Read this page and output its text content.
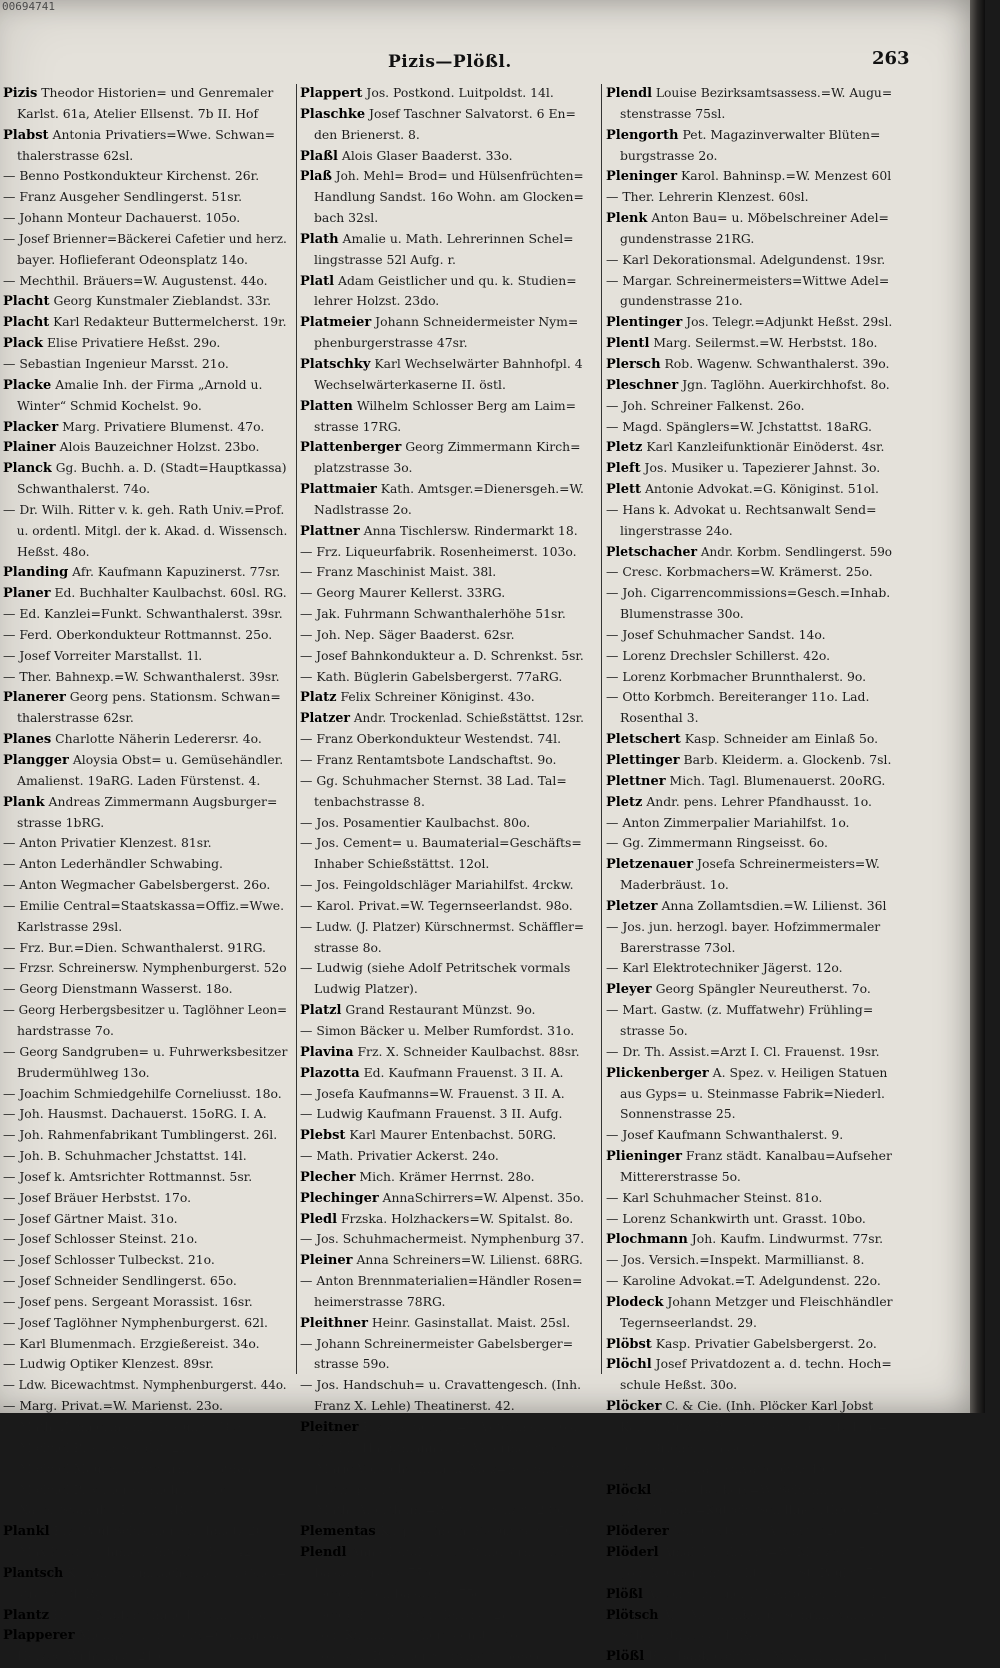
00694741
Pizis—Plößl.	263
Pizis Theodor Historien= und Genremaler
Karlst. 61a, Atelier Ellsenst. 7b II. Hof
Plabst Antonia Privatiers=Wwe. Schwan=
thalerstrasse 62sl.
— Benno Postkondukteur Kirchenst. 26r.
— Franz Ausgeher Sendlingerst. 51sr.
— Johann Monteur Dachauerst. 105o.
— Josef Brienner=Bäckerei Cafetier und herz.
bayer. Hoflieferant Odeonsplatz 14o.
— Mechthil. Bräuers=W. Augustenst. 44o.
Placht Georg Kunstmaler Zieblandst. 33r.
Placht Karl Redakteur Buttermelcherst. 19r.
Plack Elise Privatiere Heßst. 29o.
— Sebastian Ingenieur Marsst. 21o.
Placke Amalie Inh. der Firma „Arnold u.
Winter“ Schmid Kochelst. 9o.
Placker Marg. Privatiere Blumenst. 47o.
Plainer Alois Bauzeichner Holzst. 23bo.
Planck Gg. Buchh. a. D. (Stadt=Hauptkassa)
Schwanthalerst. 74o.
— Dr. Wilh. Ritter v. k. geh. Rath Univ.=Prof.
u. ordentl. Mitgl. der k. Akad. d. Wissensch.
Heßst. 48o.
Planding Afr. Kaufmann Kapuzinerst. 77sr.
Planer Ed. Buchhalter Kaulbachst. 60sl. RG.
— Ed. Kanzlei=Funkt. Schwanthalerst. 39sr.
— Ferd. Oberkondukteur Rottmannst. 25o.
— Josef Vorreiter Marstallst. 1l.
— Ther. Bahnexp.=W. Schwanthalerst. 39sr.
Planerer Georg pens. Stationsm. Schwan=
thalerstrasse 62sr.
Planes Charlotte Näherin Lederersr. 4o.
Plangger Aloysia Obst= u. Gemüsehändler.
Amalienst. 19aRG. Laden Fürstenst. 4.
Plank Andreas Zimmermann Augsburger=
strasse 1bRG.
— Anton Privatier Klenzest. 81sr.
— Anton Lederhändler Schwabing.
— Anton Wegmacher Gabelsbergerst. 26o.
— Emilie Central=Staatskassa=Offiz.=Wwe.
Karlstrasse 29sl.
— Frz. Bur.=Dien. Schwanthalerst. 91RG.
— Frzsr. Schreinersw. Nymphenburgerst. 52o
— Georg Dienstmann Wasserst. 18o.
— Georg Herbergsbesitzer u. Taglöhner Leon=
hardstrasse 7o.
— Georg Sandgruben= u. Fuhrwerksbesitzer
Brudermühlweg 13o.
— Joachim Schmiedgehilfe Corneliusst. 18o.
— Joh. Hausmst. Dachauerst. 15oRG. I. A.
— Joh. Rahmenfabrikant Tumblingerst. 26l.
— Joh. B. Schuhmacher Jchstattst. 14l.
— Josef k. Amtsrichter Rottmannst. 5sr.
— Josef Bräuer Herbstst. 17o.
— Josef Gärtner Maist. 31o.
— Josef Schlosser Steinst. 21o.
— Josef Schlosser Tulbeckst. 21o.
— Josef Schneider Sendlingerst. 65o.
— Josef pens. Sergeant Morassist. 16sr.
— Josef Taglöhner Nymphenburgerst. 62l.
— Karl Blumenmach. Erzgießereist. 34o.
— Ludwig Optiker Klenzest. 89sr.
— Ldw. Bicewachtmst. Nymphenburgerst. 44o.
— Marg. Privat.=W. Marienst. 23o.
— Math. Zimmermann Linprunst. 18o.
— Michael Bräuer Sandst. 21o.
— Michael Maurer Lingwurmst. 189RG.
— Michael Privatier Corneliusst. 16o.
— Xaver Spängler Flurst. 4RG.
Plankl Frz. Paul Schreiner Kirchplatz 20o.
— Max Kupferschmied Entenbachst. 42o.
Plantsch Kaspar Schuhmachermeister Geier=
strasse 3l. RG.
Plantz Heinr. Kupferschmied Steinst. 63l.
Plapperer Mich. k. Sicherheits=Commissär
Herzog Wilhelmst. 21o.
Plappert Jos. Postkond. Luitpoldst. 14l.
Plaschke Josef Taschner Salvatorst. 6 En=
den Brienerst. 8.
Plaßl Alois Glaser Baaderst. 33o.
Plaß Joh. Mehl= Brod= und Hülsenfrüchten=
Handlung Sandst. 16o Wohn. am Glocken=
bach 32sl.
Plath Amalie u. Math. Lehrerinnen Schel=
lingstrasse 52l Aufg. r.
Platl Adam Geistlicher und qu. k. Studien=
lehrer Holzst. 23do.
Platmeier Johann Schneidermeister Nym=
phenburgerstrasse 47sr.
Platschky Karl Wechselwärter Bahnhofpl. 4
Wechselwärterkaserne II. östl.
Platten Wilhelm Schlosser Berg am Laim=
strasse 17RG.
Plattenberger Georg Zimmermann Kirch=
platzstrasse 3o.
Plattmaier Kath. Amtsger.=Dienersgeh.=W.
Nadlstrasse 2o.
Plattner Anna Tischlersw. Rindermarkt 18.
— Frz. Liqueurfabrik. Rosenheimerst. 103o.
— Franz Maschinist Maist. 38l.
— Georg Maurer Kellerst. 33RG.
— Jak. Fuhrmann Schwanthalerhöhe 51sr.
— Joh. Nep. Säger Baaderst. 62sr.
— Josef Bahnkondukteur a. D. Schrenkst. 5sr.
— Kath. Büglerin Gabelsbergerst. 77aRG.
Platz Felix Schreiner Königinst. 43o.
Platzer Andr. Trockenlad. Schießstättst. 12sr.
— Franz Oberkondukteur Westendst. 74l.
— Franz Rentamtsbote Landschaftst. 9o.
— Gg. Schuhmacher Sternst. 38 Lad. Tal=
tenbachstrasse 8.
— Jos. Posamentier Kaulbachst. 80o.
— Jos. Cement= u. Baumaterial=Geschäfts=
Inhaber Schießstättst. 12ol.
— Jos. Feingoldschläger Mariahilfst. 4rckw.
— Karol. Privat.=W. Tegernseerlandst. 98o.
— Ludw. (J. Platzer) Kürschnermst. Schäffler=
strasse 8o.
— Ludwig (siehe Adolf Petritschek vormals
Ludwig Platzer).
Platzl Grand Restaurant Münzst. 9o.
— Simon Bäcker u. Melber Rumfordst. 31o.
Plavina Frz. X. Schneider Kaulbachst. 88sr.
Plazotta Ed. Kaufmann Frauenst. 3 II. A.
— Josefa Kaufmanns=W. Frauenst. 3 II. A.
— Ludwig Kaufmann Frauenst. 3 II. Aufg.
Plebst Karl Maurer Entenbachst. 50RG.
— Math. Privatier Ackerst. 24o.
Plecher Mich. Krämer Herrnst. 28o.
Plechinger AnnaSchirrers=W. Alpenst. 35o.
Pledl Frzska. Holzhackers=W. Spitalst. 8o.
— Jos. Schuhmachermeist. Nymphenburg 37.
Pleiner Anna Schreiners=W. Lilienst. 68RG.
— Anton Brennmaterialien=Händler Rosen=
heimerstrasse 78RG.
Pleithner Heinr. Gasinstallat. Maist. 25sl.
— Johann Schreinermeister Gabelsberger=
strasse 59o.
— Jos. Handschuh= u. Cravattengesch. (Inh.
Franz X. Lehle) Theatinerst. 42.
Pleitner Frzska. Schulr.=T. Veterinärst. 6sl.
— Karl k. Hauptmann a. D. Veterinärst. 6sl.
— Marie Vorsteherin im k. Max=Josephsstift
Ludwigst. 18o.
— Math. Alterthüm.=Restaur. Salzst. 23ol.
Plementas Kasp. Schrein. Kapuzinerst. 50o.
Plendl Anna Tändlerin u. Pfandvermittler.
Baaderstrasse 75o.
— Georg Koch Baaderst. 75o.
— Georg Küchenchef Herrnst. 28o.
— Joh. Kaufmann Theresienst. 34o.
— Jos. sen. Privatier Schwindst. 3oRG.
Plendl Louise Bezirksamtsassess.=W. Augu=
stenstrasse 75sl.
Plengorth Pet. Magazinverwalter Blüten=
burgstrasse 2o.
Pleninger Karol. Bahninsp.=W. Menzest 60l
— Ther. Lehrerin Klenzest. 60sl.
Plenk Anton Bau= u. Möbelschreiner Adel=
gundenstrasse 21RG.
— Karl Dekorationsmal. Adelgundenst. 19sr.
— Margar. Schreinermeisters=Wittwe Adel=
gundenstrasse 21o.
Plentinger Jos. Telegr.=Adjunkt Heßst. 29sl.
Plentl Marg. Seilermst.=W. Herbstst. 18o.
Plersch Rob. Wagenw. Schwanthalerst. 39o.
Pleschner Jgn. Taglöhn. Auerkirchhofst. 8o.
— Joh. Schreiner Falkenst. 26o.
— Magd. Spänglers=W. Jchstattst. 18aRG.
Pletz Karl Kanzleifunktionär Einöderst. 4sr.
Pleft Jos. Musiker u. Tapezierer Jahnst. 3o.
Plett Antonie Advokat.=G. Königinst. 51ol.
— Hans k. Advokat u. Rechtsanwalt Send=
lingerstrasse 24o.
Pletschacher Andr. Korbm. Sendlingerst. 59o
— Cresc. Korbmachers=W. Krämerst. 25o.
— Joh. Cigarrencommissions=Gesch.=Inhab.
Blumenstrasse 30o.
— Josef Schuhmacher Sandst. 14o.
— Lorenz Drechsler Schillerst. 42o.
— Lorenz Korbmacher Brunnthalerst. 9o.
— Otto Korbmch. Bereiteranger 11o. Lad.
Rosenthal 3.
Pletschert Kasp. Schneider am Einlaß 5o.
Plettinger Barb. Kleiderm. a. Glockenb. 7sl.
Plettner Mich. Tagl. Blumenauerst. 20oRG.
Pletz Andr. pens. Lehrer Pfandhausst. 1o.
— Anton Zimmerpalier Mariahilfst. 1o.
— Gg. Zimmermann Ringseisst. 6o.
Pletzenauer Josefa Schreinermeisters=W.
Maderbräust. 1o.
Pletzer Anna Zollamtsdien.=W. Lilienst. 36l
— Jos. jun. herzogl. bayer. Hofzimmermaler
Barerstrasse 73ol.
— Karl Elektrotechniker Jägerst. 12o.
Pleyer Georg Spängler Neureutherst. 7o.
— Mart. Gastw. (z. Muffatwehr) Frühling=
strasse 5o.
— Dr. Th. Assist.=Arzt I. Cl. Frauenst. 19sr.
Plickenberger A. Spez. v. Heiligen Statuen
aus Gyps= u. Steinmasse Fabrik=Niederl.
Sonnenstrasse 25.
— Josef Kaufmann Schwanthalerst. 9.
Plieninger Franz städt. Kanalbau=Aufseher
Mittererstrasse 5o.
— Karl Schuhmacher Steinst. 81o.
— Lorenz Schankwirth unt. Grasst. 10bo.
Plochmann Joh. Kaufm. Lindwurmst. 77sr.
— Jos. Versich.=Inspekt. Marmillianst. 8.
— Karoline Advokat.=T. Adelgundenst. 22o.
Plodeck Johann Metzger und Fleischhändler
Tegernseerlandst. 29.
Plöbst Kasp. Privatier Gabelsbergerst. 2o.
Plöchl Josef Privatdozent a. d. techn. Hoch=
schule Heßst. 30o.
Plöcker C. & Cie. (Inh. Plöcker Karl Jobst
Karl u. Bitzum Balth.) Pächt. d. Café Luit=
pold Brienerstrasse 8.
— Karl Restaurat. Salvatorplatz 4o.
Plöckl Cresc. Bäckers=W. Schrammerst. 4l.
— Jak. Tramb.=Kutsch. Sendlingerthorpl. 2o.
Plöderer Joh. Gastwirth Auenst. 42o.
Plöderl Amal. Landricht.=W. Klenzest. 51sr.
— Joh. k. Oberamtsricht. a. D. St. Paulst. 7sr.
Plößl Anton Schreiner Zehentbauerst. 8 1/4 2.
Plötsch Alb. Mechaniker u. Schirmreparateur
Schlachthausst. 13RG.
Plößl Frz. Bankbuchhalt. Maximilianst. 24sr.
